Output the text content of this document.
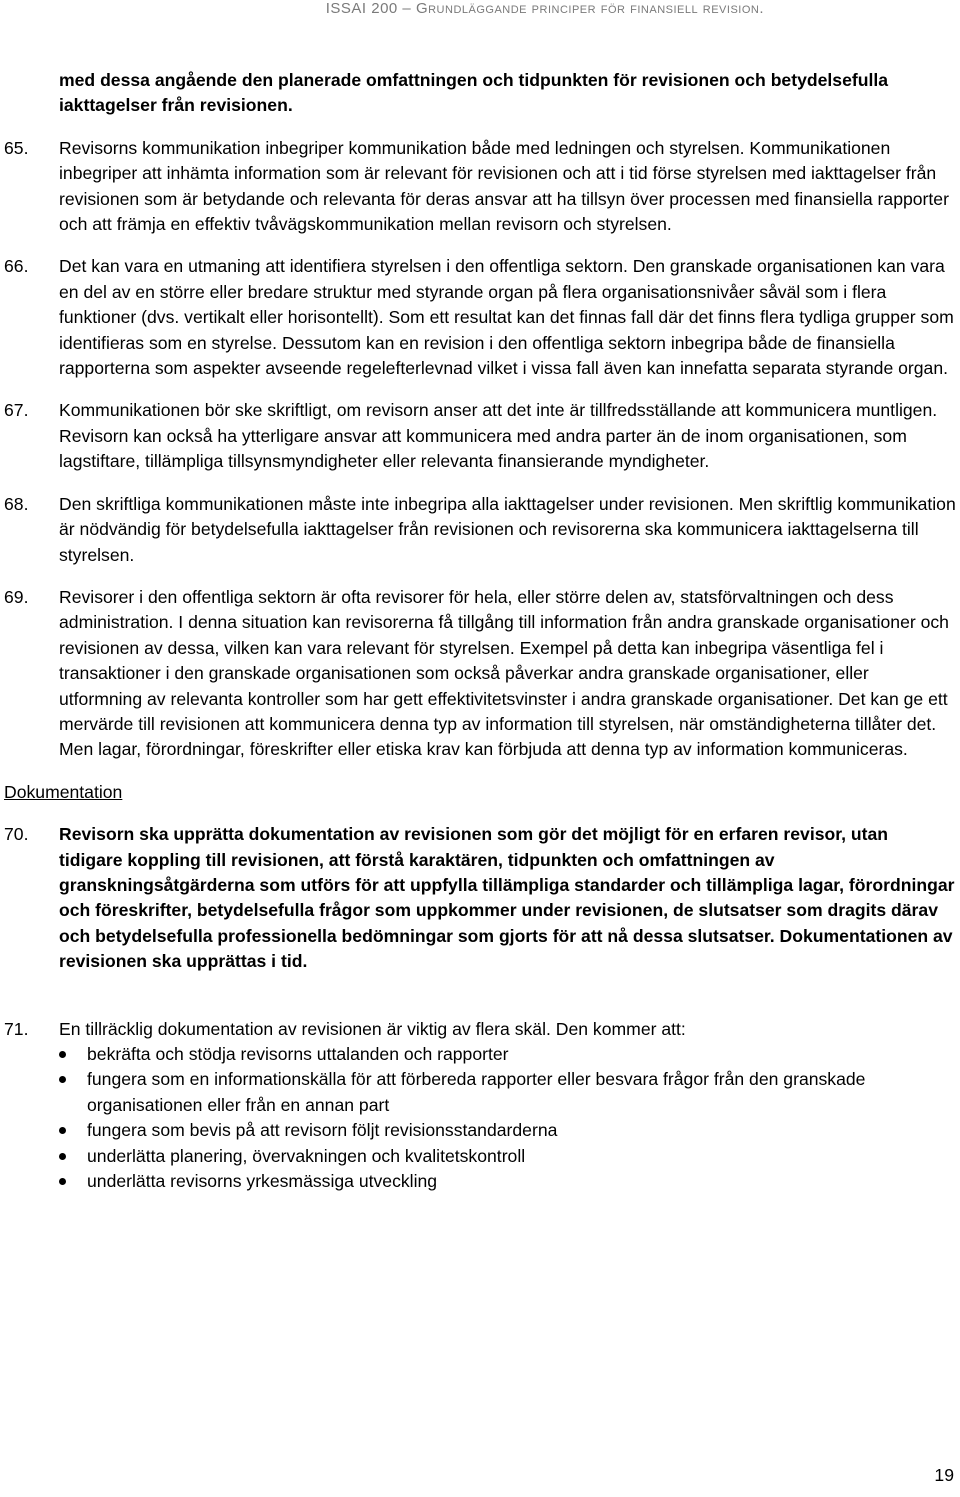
ISSAI 200 – Grundläggande principer för finansiell revision.
med dessa angående den planerade omfattningen och tidpunkten för revisionen och betydelsefulla iakttagelser från revisionen.
65. Revisorns kommunikation inbegriper kommunikation både med ledningen och styrelsen. Kommunikationen inbegriper att inhämta information som är relevant för revisionen och att i tid förse styrelsen med iakttagelser från revisionen som är betydande och relevanta för deras ansvar att ha tillsyn över processen med finansiella rapporter och att främja en effektiv tvåvägskommunikation mellan revisorn och styrelsen.
66. Det kan vara en utmaning att identifiera styrelsen i den offentliga sektorn. Den granskade organisationen kan vara en del av en större eller bredare struktur med styrande organ på flera organisationsnivåer såväl som i flera funktioner (dvs. vertikalt eller horisontellt). Som ett resultat kan det finnas fall där det finns flera tydliga grupper som identifieras som en styrelse. Dessutom kan en revision i den offentliga sektorn inbegripa både de finansiella rapporterna som aspekter avseende regelefterlevnad vilket i vissa fall även kan innefatta separata styrande organ.
67. Kommunikationen bör ske skriftligt, om revisorn anser att det inte är tillfredsställande att kommunicera muntligen. Revisorn kan också ha ytterligare ansvar att kommunicera med andra parter än de inom organisationen, som lagstiftare, tillämpliga tillsynsmyndigheter eller relevanta finansierande myndigheter.
68. Den skriftliga kommunikationen måste inte inbegripa alla iakttagelser under revisionen. Men skriftlig kommunikation är nödvändig för betydelsefulla iakttagelser från revisionen och revisorerna ska kommunicera iakttagelserna till styrelsen.
69. Revisorer i den offentliga sektorn är ofta revisorer för hela, eller större delen av, statsförvaltningen och dess administration. I denna situation kan revisorerna få tillgång till information från andra granskade organisationer och revisionen av dessa, vilken kan vara relevant för styrelsen. Exempel på detta kan inbegripa väsentliga fel i transaktioner i den granskade organisationen som också påverkar andra granskade organisationer, eller utformning av relevanta kontroller som har gett effektivitetsvinster i andra granskade organisationer. Det kan ge ett mervärde till revisionen att kommunicera denna typ av information till styrelsen, när omständigheterna tillåter det. Men lagar, förordningar, föreskrifter eller etiska krav kan förbjuda att denna typ av information kommuniceras.
Dokumentation
70. Revisorn ska upprätta dokumentation av revisionen som gör det möjligt för en erfaren revisor, utan tidigare koppling till revisionen, att förstå karaktären, tidpunkten och omfattningen av granskningsåtgärderna som utförs för att uppfylla tillämpliga standarder och tillämpliga lagar, förordningar och föreskrifter, betydelsefulla frågor som uppkommer under revisionen, de slutsatser som dragits därav och betydelsefulla professionella bedömningar som gjorts för att nå dessa slutsatser. Dokumentationen av revisionen ska upprättas i tid.
71. En tillräcklig dokumentation av revisionen är viktig av flera skäl. Den kommer att:
bekräfta och stödja revisorns uttalanden och rapporter
fungera som en informationskälla för att förbereda rapporter eller besvara frågor från den granskade organisationen eller från en annan part
fungera som bevis på att revisorn följt revisionsstandarderna
underlätta planering, övervakningen och kvalitetskontroll
underlätta revisorns yrkesmässiga utveckling
19
